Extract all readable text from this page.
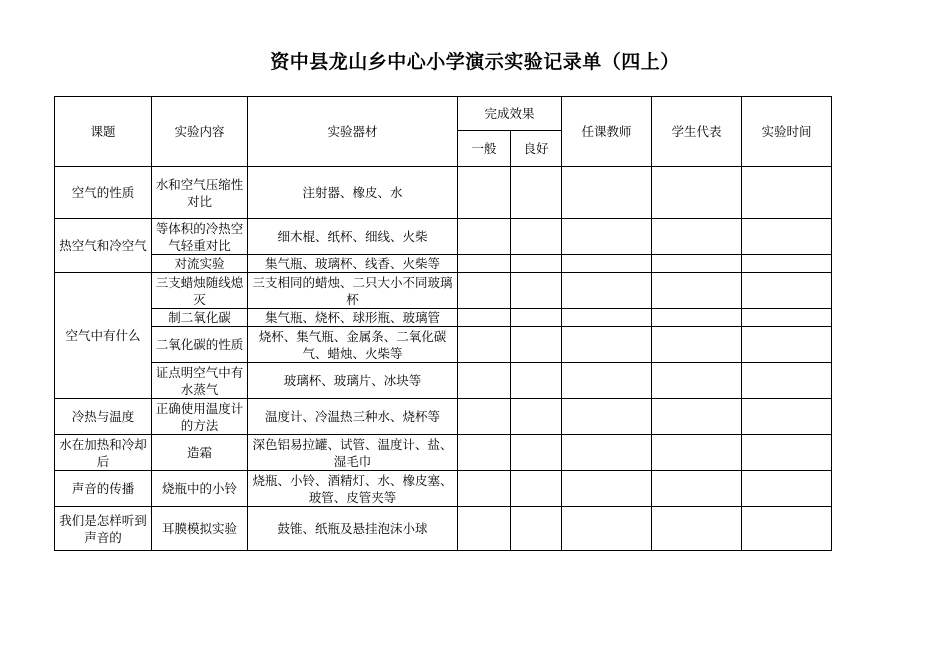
资中县龙山乡中心小学演示实验记录单（四上）
课题	实验内容	实验器材	完成效果		任课教师	学生代表	实验时间
			一般	良好			
空气的性质	水和空气压缩性对比	注射器、橡皮、水					
热空气和冷空气	等体积的冷热空气轻重对比	细木棍、纸杯、细线、火柴					
	对流实验	集气瓶、玻璃杯、线香、火柴等					
空气中有什么	三支蜡烛随线熄灭	三支相同的蜡烛、二只大小不同玻璃杯					
	制二氧化碳	集气瓶、烧杯、球形瓶、玻璃管					
	二氧化碳的性质	烧杯、集气瓶、金属条、二氧化碳气、蜡烛、火柴等					
	证点明空气中有水蒸气	玻璃杯、玻璃片、冰块等					
冷热与温度	正确使用温度计的方法	温度计、冷温热三种水、烧杯等					
水在加热和冷却后	造霜	深色铝易拉罐、试管、温度计、盐、湿毛巾					
声音的传播	烧瓶中的小铃	烧瓶、小铃、酒精灯、水、橡皮塞、玻管、皮管夹等					
我们是怎样听到声音的	耳膜模拟实验	鼓锥、纸瓶及悬挂泡沫小球					
